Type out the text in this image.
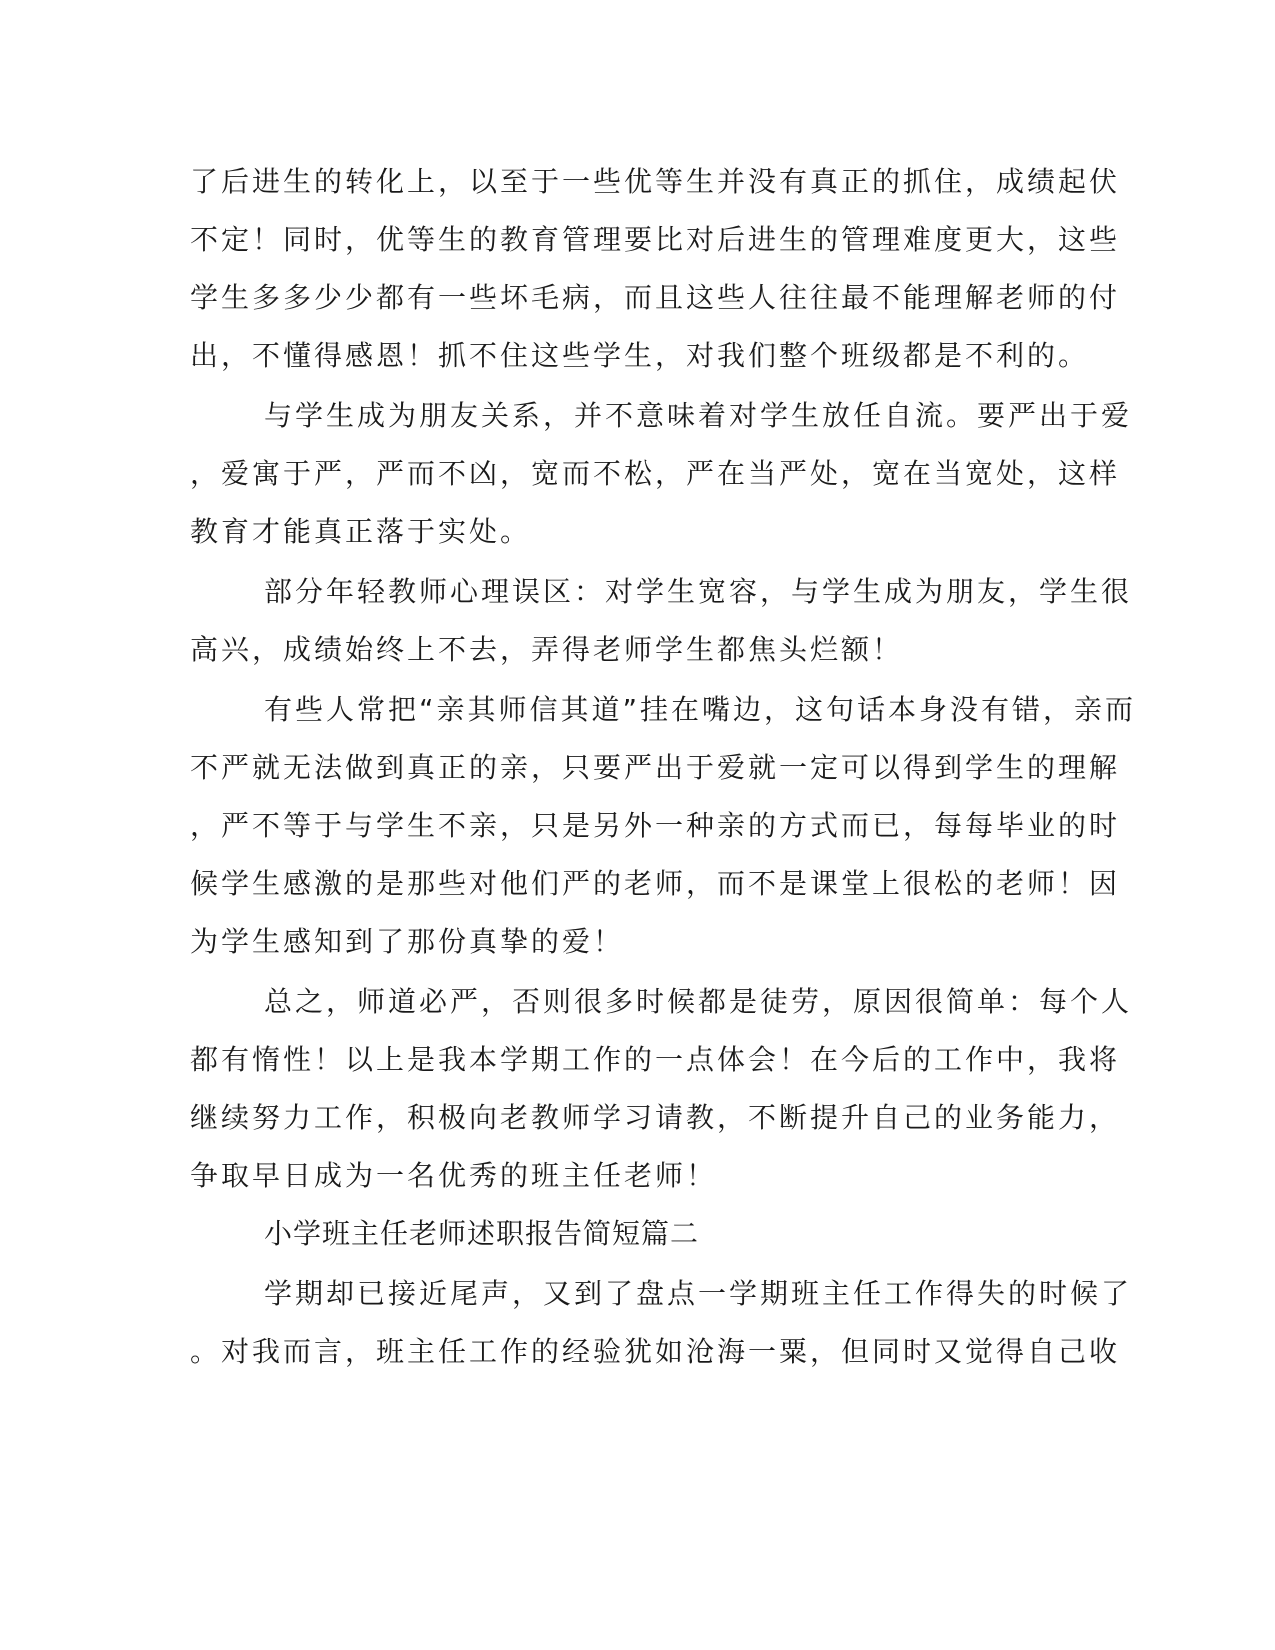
了后进生的转化上，以至于一些优等生并没有真正的抓住，成绩起伏
不定！同时，优等生的教育管理要比对后进生的管理难度更大，这些
学生多多少少都有一些坏毛病，而且这些人往往最不能理解老师的付
出，不懂得感恩！抓不住这些学生，对我们整个班级都是不利的。
与学生成为朋友关系，并不意味着对学生放任自流。要严出于爱
，爱寓于严，严而不凶，宽而不松，严在当严处，宽在当宽处，这样
教育才能真正落于实处。
部分年轻教师心理误区：对学生宽容，与学生成为朋友，学生很
高兴，成绩始终上不去，弄得老师学生都焦头烂额！
有些人常把“亲其师信其道”挂在嘴边，这句话本身没有错，亲而
不严就无法做到真正的亲，只要严出于爱就一定可以得到学生的理解
，严不等于与学生不亲，只是另外一种亲的方式而已，每每毕业的时
候学生感激的是那些对他们严的老师，而不是课堂上很松的老师！因
为学生感知到了那份真挚的爱！
总之，师道必严，否则很多时候都是徒劳，原因很简单：每个人
都有惰性！以上是我本学期工作的一点体会！在今后的工作中，我将
继续努力工作，积极向老教师学习请教，不断提升自己的业务能力，
争取早日成为一名优秀的班主任老师！
小学班主任老师述职报告简短篇二
学期却已接近尾声，又到了盘点一学期班主任工作得失的时候了
。对我而言，班主任工作的经验犹如沧海一粟，但同时又觉得自己收
